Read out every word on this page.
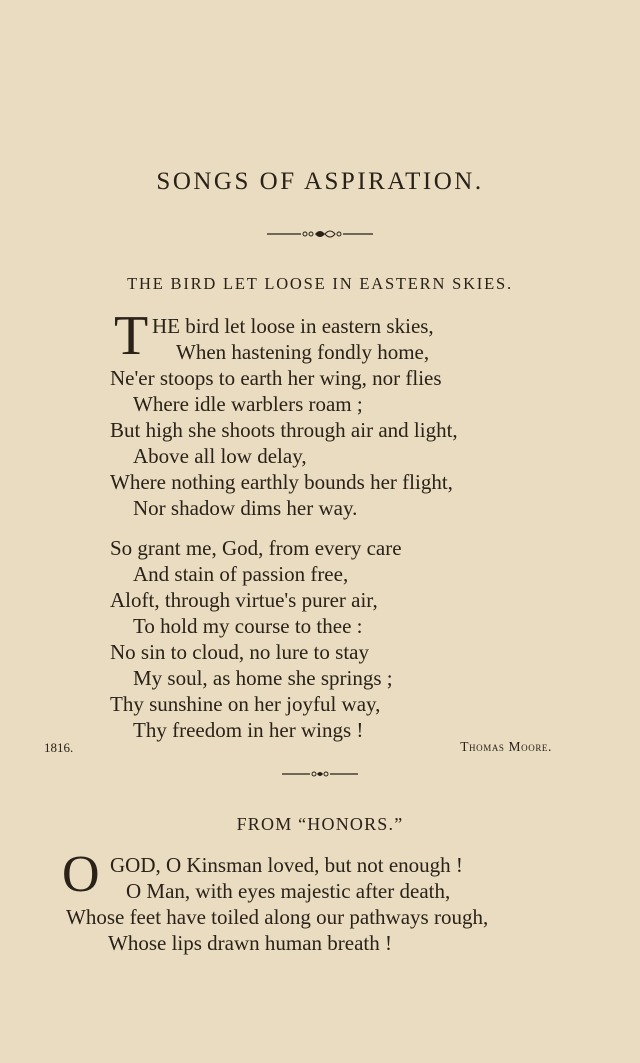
SONGS OF ASPIRATION.
THE BIRD LET LOOSE IN EASTERN SKIES.
T HE bird let loose in eastern skies,
When hastening fondly home,
Ne'er stoops to earth her wing, nor flies
Where idle warblers roam ;
But high she shoots through air and light,
Above all low delay,
Where nothing earthly bounds her flight,
Nor shadow dims her way.
So grant me, God, from every care
And stain of passion free,
Aloft, through virtue's purer air,
To hold my course to thee :
No sin to cloud, no lure to stay
My soul, as home she springs ;
Thy sunshine on her joyful way,
Thy freedom in her wings !
1816.	Thomas Moore.
FROM “HONORS.”
O GOD, O Kinsman loved, but not enough !
O Man, with eyes majestic after death,
Whose feet have toiled along our pathways rough,
Whose lips drawn human breath !
